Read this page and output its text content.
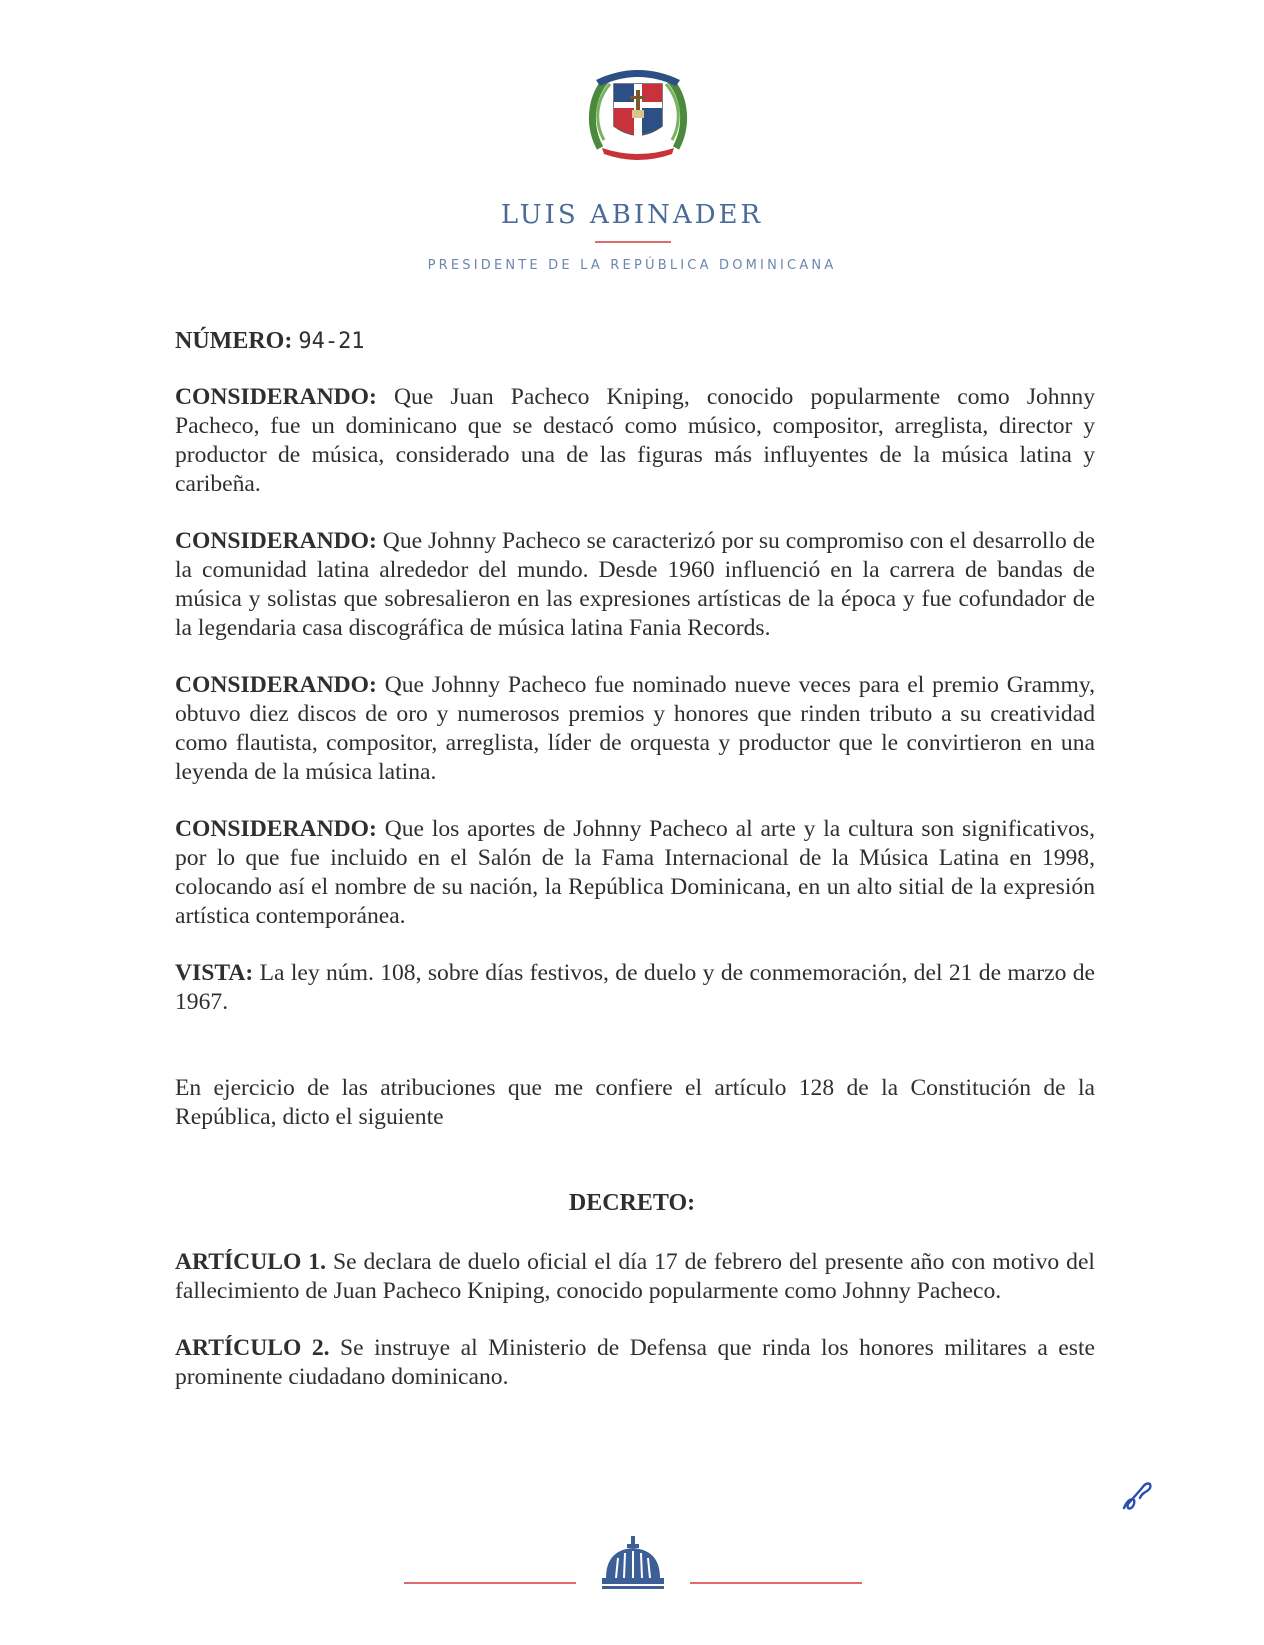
LUIS ABINADER
PRESIDENTE DE LA REPÚBLICA DOMINICANA
NÚMERO: 94-21
CONSIDERANDO: Que Juan Pacheco Kniping, conocido popularmente como Johnny Pacheco, fue un dominicano que se destacó como músico, compositor, arreglista, director y productor de música, considerado una de las figuras más influyentes de la música latina y caribeña.
CONSIDERANDO: Que Johnny Pacheco se caracterizó por su compromiso con el desarrollo de la comunidad latina alrededor del mundo. Desde 1960 influenció en la carrera de bandas de música y solistas que sobresalieron en las expresiones artísticas de la época y fue cofundador de la legendaria casa discográfica de música latina Fania Records.
CONSIDERANDO: Que Johnny Pacheco fue nominado nueve veces para el premio Grammy, obtuvo diez discos de oro y numerosos premios y honores que rinden tributo a su creatividad como flautista, compositor, arreglista, líder de orquesta y productor que le convirtieron en una leyenda de la música latina.
CONSIDERANDO: Que los aportes de Johnny Pacheco al arte y la cultura son significativos, por lo que fue incluido en el Salón de la Fama Internacional de la Música Latina en 1998, colocando así el nombre de su nación, la República Dominicana, en un alto sitial de la expresión artística contemporánea.
VISTA: La ley núm. 108, sobre días festivos, de duelo y de conmemoración, del 21 de marzo de 1967.
En ejercicio de las atribuciones que me confiere el artículo 128 de la Constitución de la República, dicto el siguiente
DECRETO:
ARTÍCULO 1. Se declara de duelo oficial el día 17 de febrero del presente año con motivo del fallecimiento de Juan Pacheco Kniping, conocido popularmente como Johnny Pacheco.
ARTÍCULO 2. Se instruye al Ministerio de Defensa que rinda los honores militares a este prominente ciudadano dominicano.
